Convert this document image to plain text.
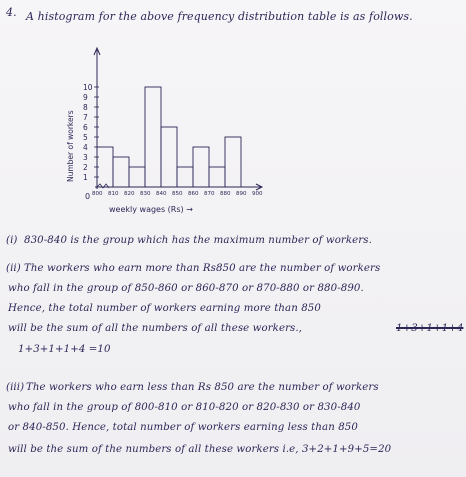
4. A histogram for the above frequency distribution table is as follows.
1
2
3
4
5
6
7
8
9
10
0 800 810 820 830 840 850 860 870 880 890 900
Number of workers
weekly wages (Rs) →
(i) 830-840 is the group which has the maximum number of workers.
(ii) The workers who earn more than Rs850 are the number of workers
who fall in the group of 850-860 or 860-870 or 870-880 or 880-890.
Hence, the total number of workers earning more than 850
will be the sum of all the numbers of all these workers.,	1+3+1+1+4
1+3+1+1+4 =10
(iii) The workers who earn less than Rs 850 are the number of workers
who fall in the group of 800-810 or 810-820 or 820-830 or 830-840
or 840-850. Hence, total number of workers earning less than 850
will be the sum of the numbers of all these workers i.e, 3+2+1+9+5=20
